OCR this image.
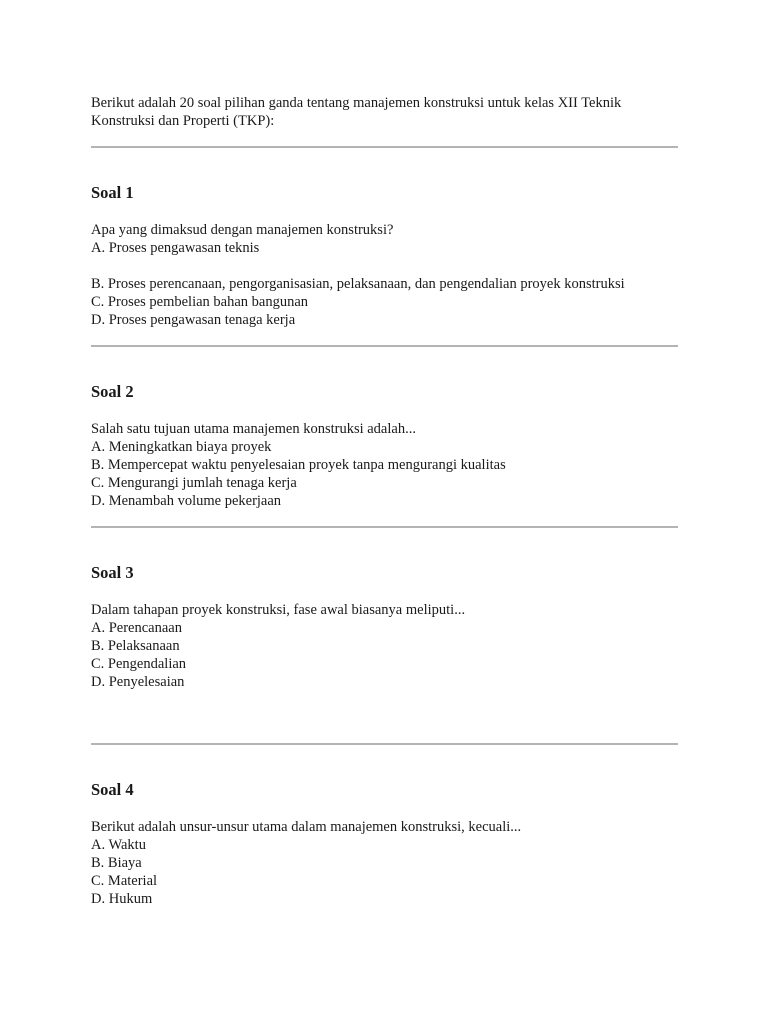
Berikut adalah 20 soal pilihan ganda tentang manajemen konstruksi untuk kelas XII Teknik Konstruksi dan Properti (TKP):

Soal 1
Apa yang dimaksud dengan manajemen konstruksi?
A. Proses pengawasan teknis
B. Proses perencanaan, pengorganisasian, pelaksanaan, dan pengendalian proyek konstruksi
C. Proses pembelian bahan bangunan
D. Proses pengawasan tenaga kerja
Soal 2
Salah satu tujuan utama manajemen konstruksi adalah...
A. Meningkatkan biaya proyek
B. Mempercepat waktu penyelesaian proyek tanpa mengurangi kualitas
C. Mengurangi jumlah tenaga kerja
D. Menambah volume pekerjaan
Soal 3
Dalam tahapan proyek konstruksi, fase awal biasanya meliputi...
A. Perencanaan
B. Pelaksanaan
C. Pengendalian
D. Penyelesaian
Soal 4
Berikut adalah unsur-unsur utama dalam manajemen konstruksi, kecuali...
A. Waktu
B. Biaya
C. Material
D. Hukum
